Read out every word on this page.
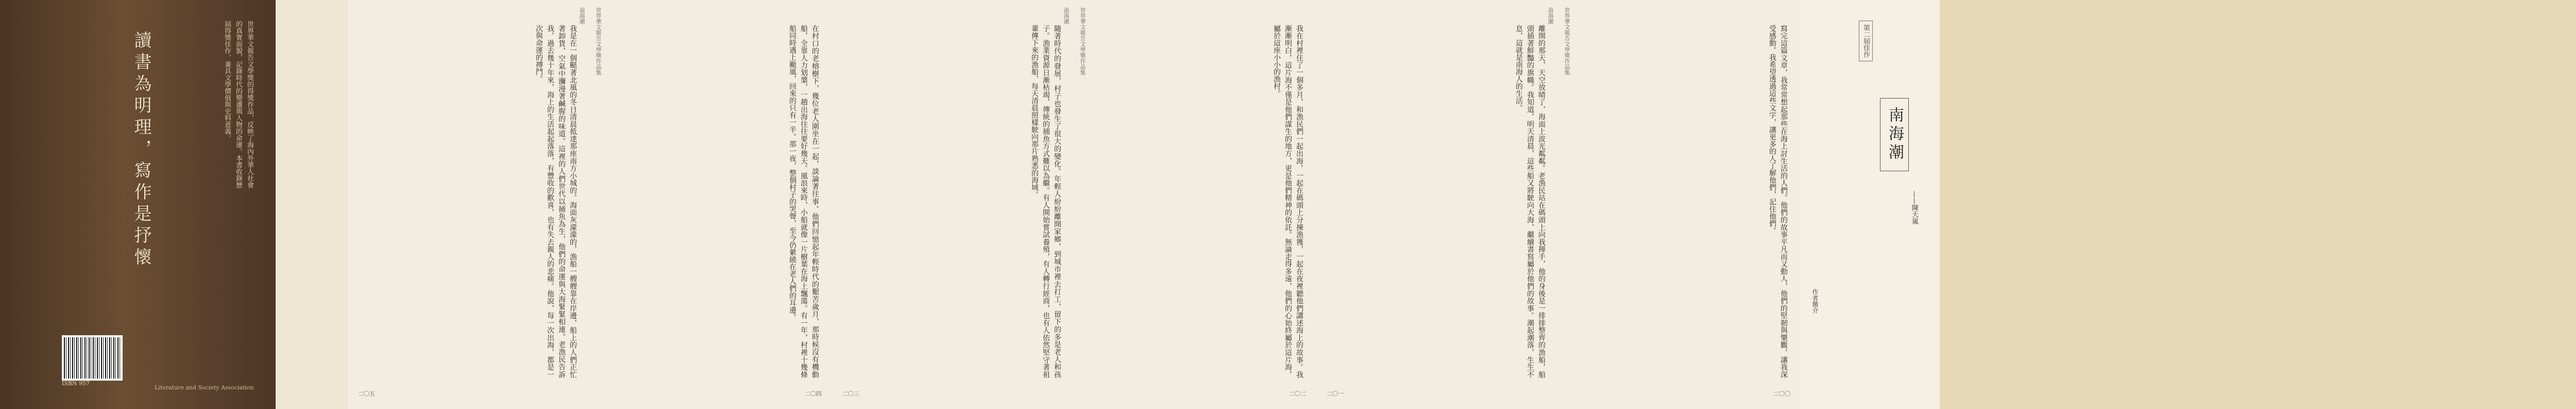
世界華文報告文學獎的得獎作品，反映了海內外華人社會的真實面貌，記錄時代的變遷與人物的命運。本書收錄歷屆得獎佳作，兼具文學價值與史料意義。
讀書為明理，寫作是抒懷
ISBN 957
Literature and Society Association
南海潮
我是在一個颳著北風的冬日清晨抵達那座南方小城的。海面灰濛濛的，漁船一艘艘靠在岸邊，船上的人們正忙著卸貨，空氣中瀰漫著鹹腥的味道。這裡的人們世代以捕魚為生，他們的命運與大海緊緊相連。老漁民告訴我，過去幾十年來，海上的生活起起落落，有豐收的歡喜，也有失去親人的悲痛。他說，每一次出海，都是一次與命運的搏鬥。
二〇五
世界華文報告文學獎作品集	在村口的老榕樹下，幾位老人圍坐在一起，談論著往事。他們回憶起年輕時代的艱苦歲月，那時候沒有機動船，全靠人力划槳，一趟出海往往要好幾天。風浪來時，小船就像一片樹葉在海上飄蕩。有一年，村裡十幾條船同時遇上颱風，回來的只有一半。那一夜，整個村子的哭聲，至今仍縈繞在老人們的耳邊。
二〇四
南海潮
隨著時代的發展，村子也發生了很大的變化。年輕人紛紛離開家鄉，到城市裡去打工，留下的多是老人和孩子。漁業資源日漸枯竭，傳統的捕魚方式難以為繼。有人開始嘗試養殖，有人轉行經商，也有人依然堅守著祖輩傳下來的漁船，每天清晨照樣駛向那片熟悉的海域。
二〇三
世界華文報告文學獎作品集	我在村裡住了一個多月，和漁民們一起出海，一起在碼頭上分揀漁獲，一起在夜裡聽他們講述海上的故事。我漸漸明白，這片海不僅是他們謀生的地方，更是他們精神的依託。無論走得多遠，他們的心始終屬於這片海，屬於這座小小的漁村。
二〇二
南海潮
離開的那天，天空放晴了，海面上波光粼粼。老漁民站在碼頭上向我揮手，他的身後是一排排整齊的漁船，船頭插著鮮豔的旗幟。我知道，明天清晨，這些船又將駛向大海，繼續書寫屬於他們的故事。潮起潮落，生生不息，這就是南海人的生活。
二〇一
世界華文報告文學獎作品集	寫完這篇文章，我常常想起那些在海上討生活的人們。他們的故事平凡而又動人，他們的堅韌與樂觀，讓我深受感動。我希望透過這些文字，讓更多的人了解他們，記住他們。
二〇〇
第二屆佳作
南海潮
——陳天嵐
作者簡介
